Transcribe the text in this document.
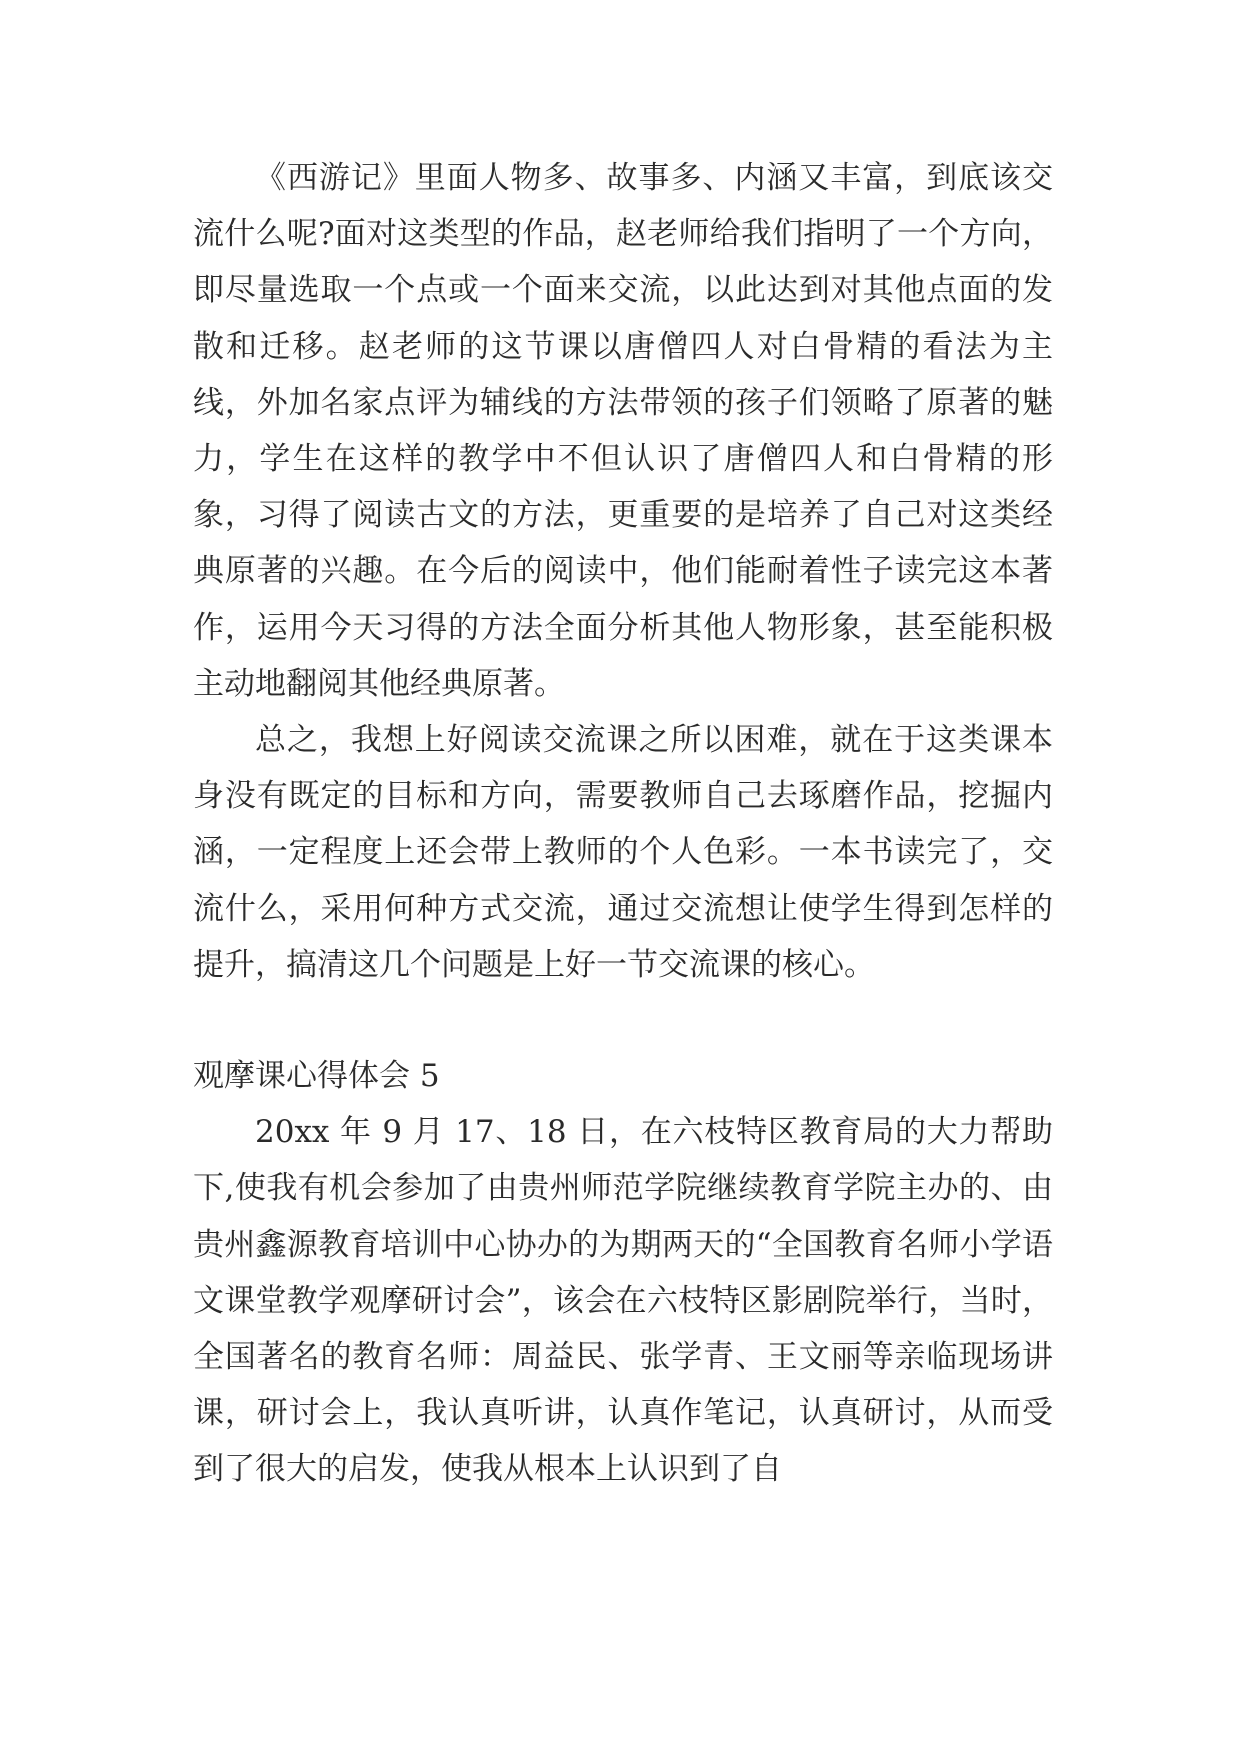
《西游记》里面人物多、故事多、内涵又丰富，到底该交流什么呢?面对这类型的作品，赵老师给我们指明了一个方向，即尽量选取一个点或一个面来交流，以此达到对其他点面的发散和迁移。赵老师的这节课以唐僧四人对白骨精的看法为主线，外加名家点评为辅线的方法带领的孩子们领略了原著的魅力，学生在这样的教学中不但认识了唐僧四人和白骨精的形象，习得了阅读古文的方法，更重要的是培养了自己对这类经典原著的兴趣。在今后的阅读中，他们能耐着性子读完这本著作，运用今天习得的方法全面分析其他人物形象，甚至能积极主动地翻阅其他经典原著。

总之，我想上好阅读交流课之所以困难，就在于这类课本身没有既定的目标和方向，需要教师自己去琢磨作品，挖掘内涵，一定程度上还会带上教师的个人色彩。一本书读完了，交流什么，采用何种方式交流，通过交流想让使学生得到怎样的提升，搞清这几个问题是上好一节交流课的核心。

观摩课心得体会 5

20xx 年 9 月 17、18 日，在六枝特区教育局的大力帮助下,使我有机会参加了由贵州师范学院继续教育学院主办的、由贵州鑫源教育培训中心协办的为期两天的“全国教育名师小学语文课堂教学观摩研讨会”，该会在六枝特区影剧院举行，当时，全国著名的教育名师：周益民、张学青、王文丽等亲临现场讲课，研讨会上，我认真听讲，认真作笔记，认真研讨，从而受到了很大的启发，使我从根本上认识到了自
